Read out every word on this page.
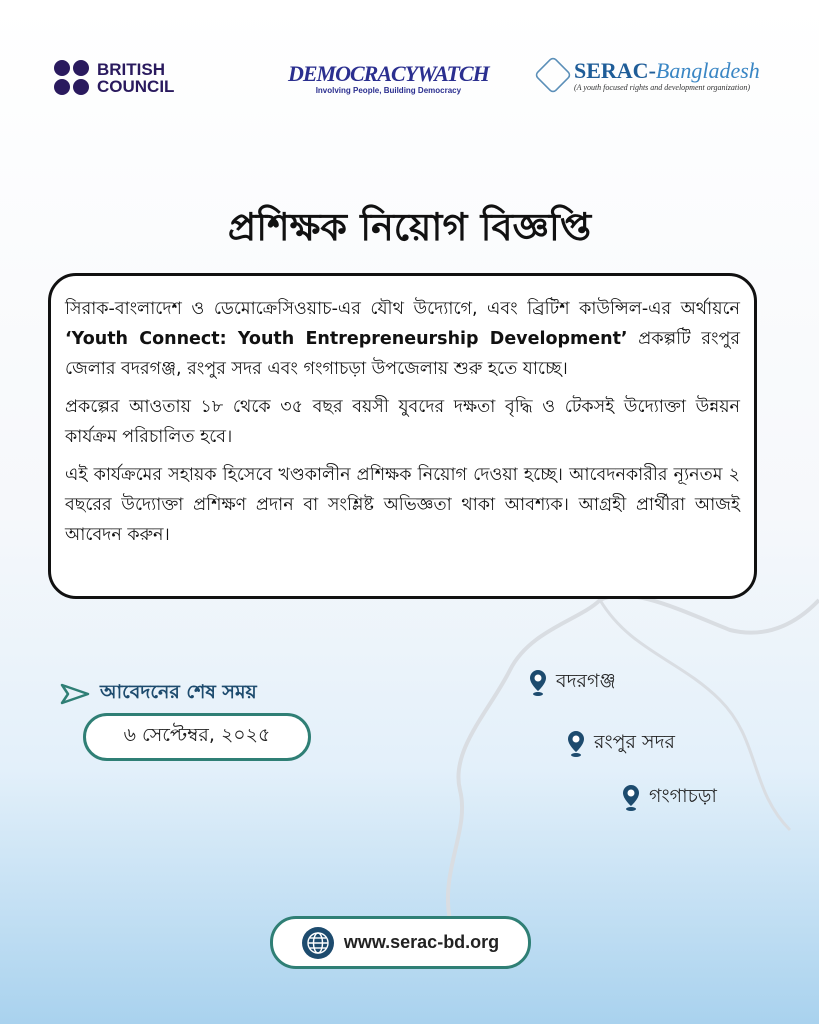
BRITISH COUNCIL	DEMOCRACYWATCH
Involving People, Building Democracy
SERAC-Bangladesh
(A youth focused rights and development organization)
প্রশিক্ষক নিয়োগ বিজ্ঞপ্তি

সিরাক-বাংলাদেশ ও ডেমোক্রেসিওয়াচ-এর যৌথ উদ্যোগে, এবং ব্রিটিশ কাউন্সিল-এর অর্থায়নে ‘Youth Connect: Youth Entrepreneurship Development’ প্রকল্পটি রংপুর জেলার বদরগঞ্জ, রংপুর সদর এবং গংগাচড়া উপজেলায় শুরু হতে যাচ্ছে।

প্রকল্পের আওতায় ১৮ থেকে ৩৫ বছর বয়সী যুবদের দক্ষতা বৃদ্ধি ও টেকসই উদ্যোক্তা উন্নয়ন কার্যক্রম পরিচালিত হবে।

এই কার্যক্রমের সহায়ক হিসেবে খণ্ডকালীন প্রশিক্ষক নিয়োগ দেওয়া হচ্ছে। আবেদনকারীর ন্যূনতম ২ বছরের উদ্যোক্তা প্রশিক্ষণ প্রদান বা সংশ্লিষ্ট অভিজ্ঞতা থাকা আবশ্যক। আগ্রহী প্রার্থীরা আজই আবেদন করুন।

আবেদনের শেষ সময়
৬ সেপ্টেম্বর, ২০২৫
বদরগঞ্জ
রংপুর সদর
গংগাচড়া
www.serac-bd.org
